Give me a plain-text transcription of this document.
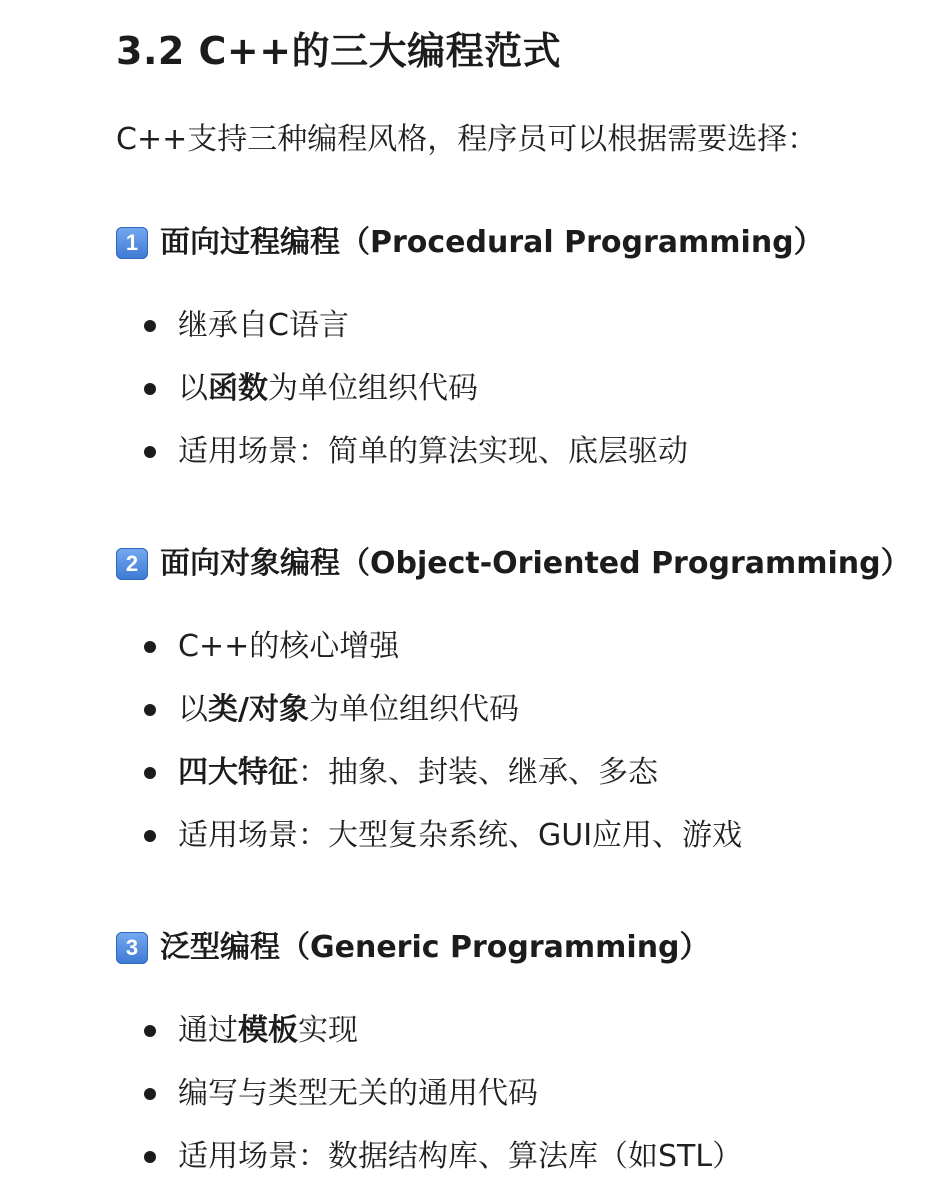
3.2 C++的三大编程范式

C++支持三种编程风格，程序员可以根据需要选择：

1 面向过程编程（Procedural Programming）
继承自C语言
以函数为单位组织代码
适用场景：简单的算法实现、底层驱动
2 面向对象编程（Object-Oriented Programming）
C++的核心增强
以类/对象为单位组织代码
四大特征：抽象、封装、继承、多态
适用场景：大型复杂系统、GUI应用、游戏
3 泛型编程（Generic Programming）
通过模板实现
编写与类型无关的通用代码
适用场景：数据结构库、算法库（如STL）
